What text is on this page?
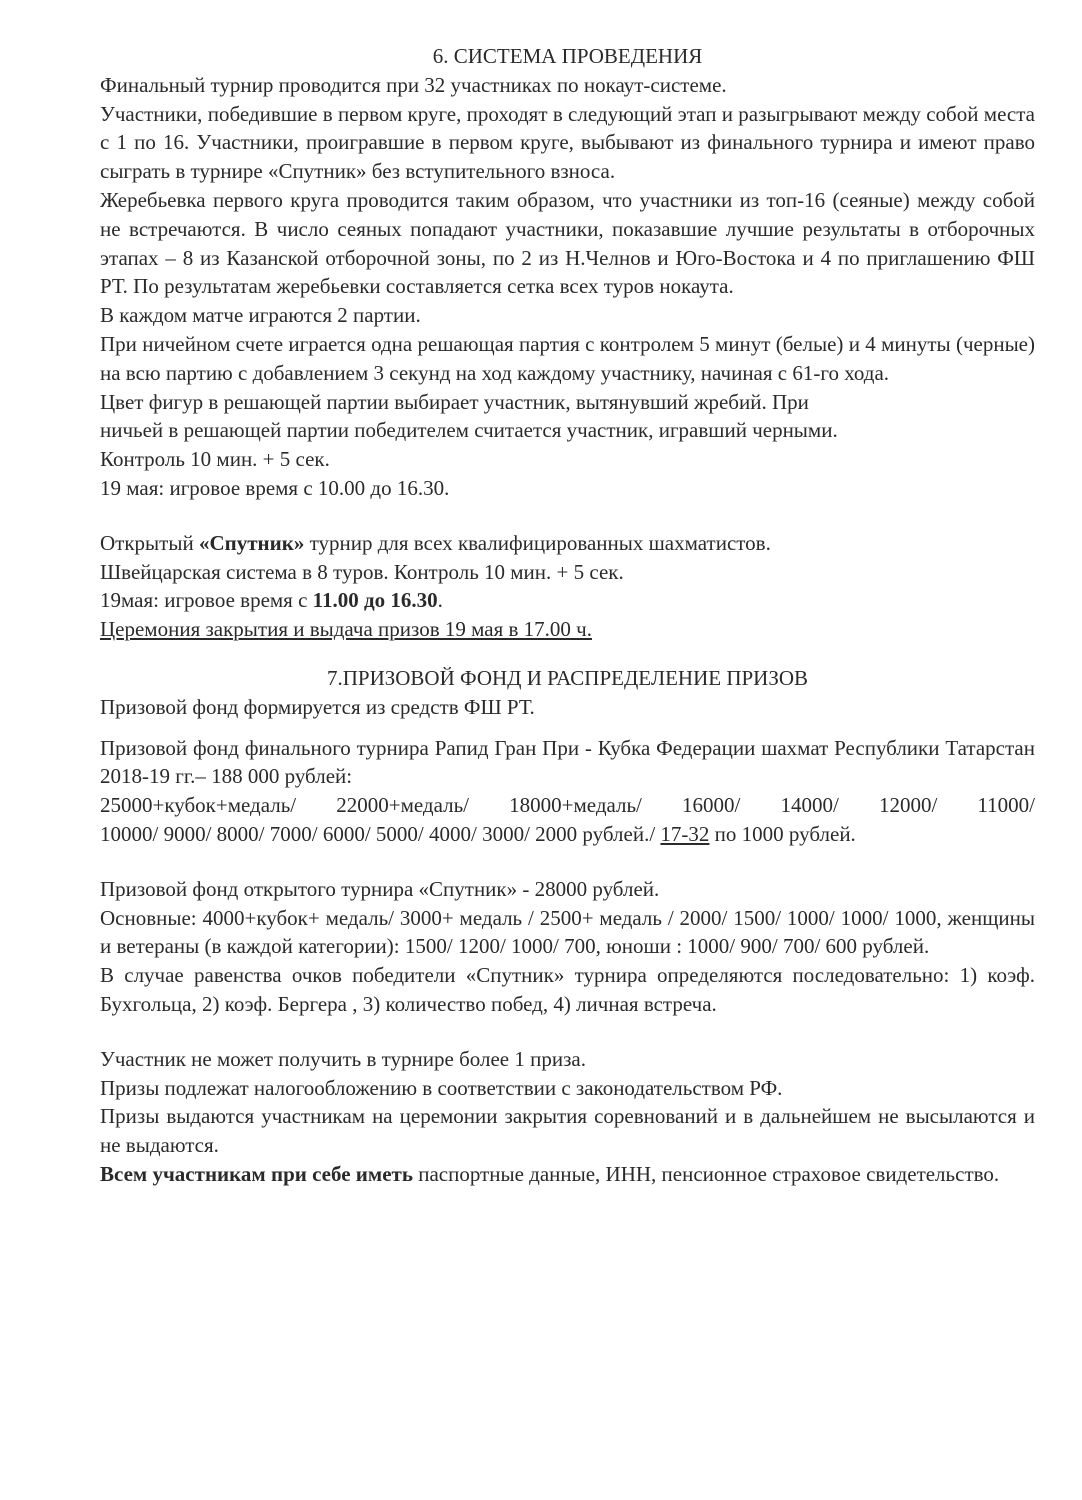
6. СИСТЕМА ПРОВЕДЕНИЯ

Финальный турнир проводится при 32 участниках по нокаут-системе.

Участники, победившие в первом круге, проходят в следующий этап и разыгрывают между собой места с 1 по 16. Участники, проигравшие в первом круге, выбывают из финального турнира и имеют право сыграть в турнире «Спутник» без вступительного взноса.

Жеребьевка первого круга проводится таким образом, что участники из топ-16 (сеяные) между собой не встречаются. В число сеяных попадают участники, показавшие лучшие результаты в отборочных этапах – 8 из Казанской отборочной зоны, по 2 из Н.Челнов и Юго-Востока и 4 по приглашению ФШ РТ. По результатам жеребьевки составляется сетка всех туров нокаута.

В каждом матче играются 2 партии.

При ничейном счете играется одна решающая партия с контролем 5 минут (белые) и 4 минуты (черные) на всю партию с добавлением 3 секунд на ход каждому участнику, начиная с 61-го хода.

Цвет фигур в решающей партии выбирает участник, вытянувший жребий. При

ничьей в решающей партии победителем считается участник, игравший черными.

Контроль 10 мин. + 5 сек.

19 мая: игровое время с 10.00 до 16.30.

Открытый «Спутник» турнир для всех квалифицированных шахматистов.

Швейцарская система в 8 туров. Контроль 10 мин. + 5 сек.

19мая: игровое время с 11.00 до 16.30.

Церемония закрытия и выдача призов 19 мая в 17.00 ч.

7.ПРИЗОВОЙ ФОНД И РАСПРЕДЕЛЕНИЕ ПРИЗОВ

Призовой фонд формируется из средств ФШ РТ.

Призовой фонд финального турнира Рапид Гран При - Кубка Федерации шахмат Республики Татарстан 2018-19 гг.– 188 000 рублей:

25000+кубок+медаль/ 22000+медаль/ 18000+медаль/ 16000/ 14000/ 12000/ 11000/

10000/ 9000/ 8000/ 7000/ 6000/ 5000/ 4000/ 3000/ 2000 рублей./ 17-32 по 1000 рублей.

Призовой фонд открытого турнира «Спутник» - 28000 рублей.

Основные: 4000+кубок+ медаль/ 3000+ медаль / 2500+ медаль / 2000/ 1500/ 1000/ 1000/ 1000, женщины и ветераны (в каждой категории): 1500/ 1200/ 1000/ 700, юноши : 1000/ 900/ 700/ 600 рублей.

В случае равенства очков победители «Спутник» турнира определяются последовательно: 1) коэф. Бухгольца, 2) коэф. Бергера , 3) количество побед, 4) личная встреча.

Участник не может получить в турнире более 1 приза.

Призы подлежат налогообложению в соответствии с законодательством РФ.

Призы выдаются участникам на церемонии закрытия соревнований и в дальнейшем не высылаются и не выдаются.

Всем участникам при себе иметь паспортные данные, ИНН, пенсионное страховое свидетельство.
